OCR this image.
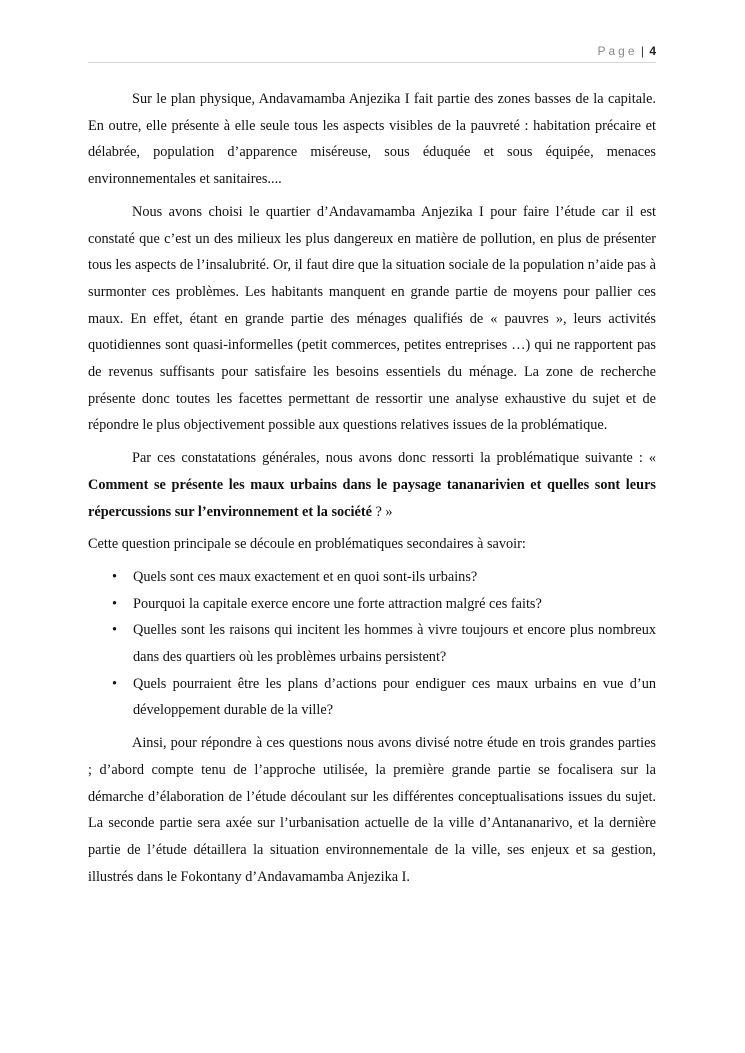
Page | 4

Sur le plan physique, Andavamamba Anjezika I fait partie des zones basses de la capitale. En outre, elle présente à elle seule tous les aspects visibles de la pauvreté : habitation précaire et délabrée, population d’apparence miséreuse, sous éduquée et sous équipée, menaces environnementales et sanitaires....

Nous avons choisi le quartier d’Andavamamba Anjezika I pour faire l’étude car il est constaté que c’est un des milieux les plus dangereux en matière de pollution, en plus de présenter tous les aspects de l’insalubrité. Or, il faut dire que la situation sociale de la population n’aide pas à surmonter ces problèmes. Les habitants manquent en grande partie de moyens pour pallier ces maux. En effet, étant en grande partie des ménages qualifiés de « pauvres », leurs activités quotidiennes sont quasi-informelles (petit commerces, petites entreprises …) qui ne rapportent pas de revenus suffisants pour satisfaire les besoins essentiels du ménage. La zone de recherche présente donc toutes les facettes permettant de ressortir une analyse exhaustive du sujet et de répondre le plus objectivement possible aux questions relatives issues de la problématique.

Par ces constatations générales, nous avons donc ressorti la problématique suivante : « Comment se présente les maux urbains dans le paysage tananarivien et quelles sont leurs répercussions sur l’environnement et la société ? »

Cette question principale se découle en problématiques secondaires à savoir:

• Quels sont ces maux exactement et en quoi sont-ils urbains?
• Pourquoi la capitale exerce encore une forte attraction malgré ces faits?
• Quelles sont les raisons qui incitent les hommes à vivre toujours et encore plus nombreux dans des quartiers où les problèmes urbains persistent?
• Quels pourraient être les plans d’actions pour endiguer ces maux urbains en vue d’un développement durable de la ville?

Ainsi, pour répondre à ces questions nous avons divisé notre étude en trois grandes parties ; d’abord compte tenu de l’approche utilisée, la première grande partie se focalisera sur la démarche d’élaboration de l’étude découlant sur les différentes conceptualisations issues du sujet. La seconde partie sera axée sur l’urbanisation actuelle de la ville d’Antananarivo, et la dernière partie de l’étude détaillera la situation environnementale de la ville, ses enjeux et sa gestion, illustrés dans le Fokontany d’Andavamamba Anjezika I.
